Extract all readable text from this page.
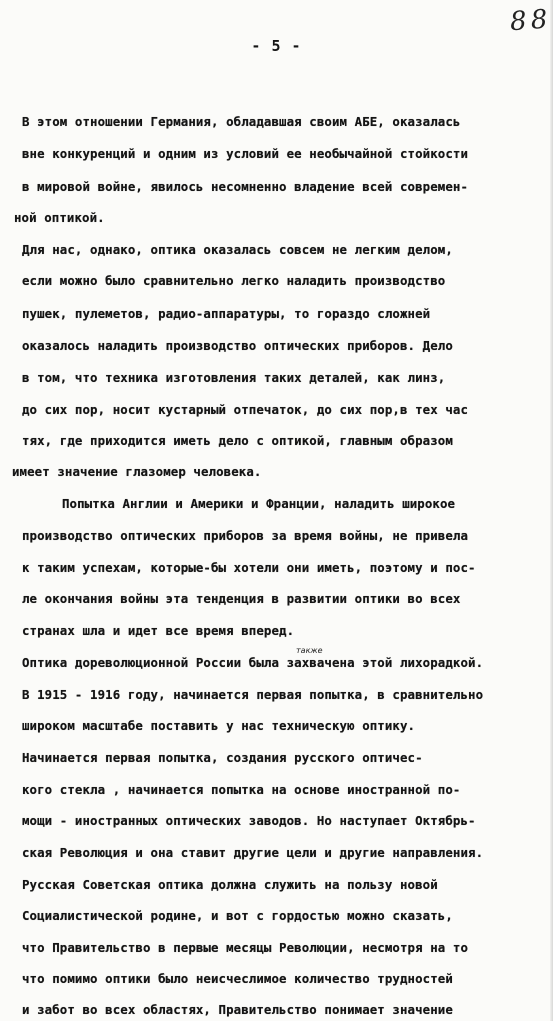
8 8
- 5 -
также
В этом отношении Германия, обладавшая своим АБЕ, оказалась
вне конкуренций и одним из условий ее необычайной стойкости
в мировой войне, явилось несомненно владение всей современ-
ной оптикой.
Для нас, однако, оптика оказалась совсем не легким делом,
если можно было сравнительно легко наладить производство
пушек, пулеметов, радио-аппаратуры, то гораздо сложней
оказалось наладить производство оптических приборов. Дело
в том, что техника изготовления таких деталей, как линз,
до сих пор, носит кустарный отпечаток, до сих пор,в тех час
тях, где приходится иметь дело с оптикой, главным образом
имеет значение глазомер человека.
Попытка Англии и Америки и Франции, наладить широкое
производство оптических приборов за время войны, не привела
к таким успехам, которые-бы хотели они иметь, поэтому и пос-
ле окончания войны эта тенденция в развитии оптики во всех
странах шла и идет все время вперед.
Оптика дореволюционной России была захвачена этой лихорадкой.
В 1915 - 1916 году, начинается первая попытка, в сравнительно
широком масштабе поставить у нас техническую оптику.
Начинается первая попытка, создания русского оптичес-
кого стекла , начинается попытка на основе иностранной по-
мощи - иностранных оптических заводов. Но наступает Октябрь-
ская Революция и она ставит другие цели и другие направления.
Русская Советская оптика должна служить на пользу новой
Социалистической родине, и вот с гордостью можно сказать,
что Правительство в первые месяцы Революции, несмотря на то
что помимо оптики было неисчеслимое количество трудностей
и забот во всех областях, Правительство понимает значение
